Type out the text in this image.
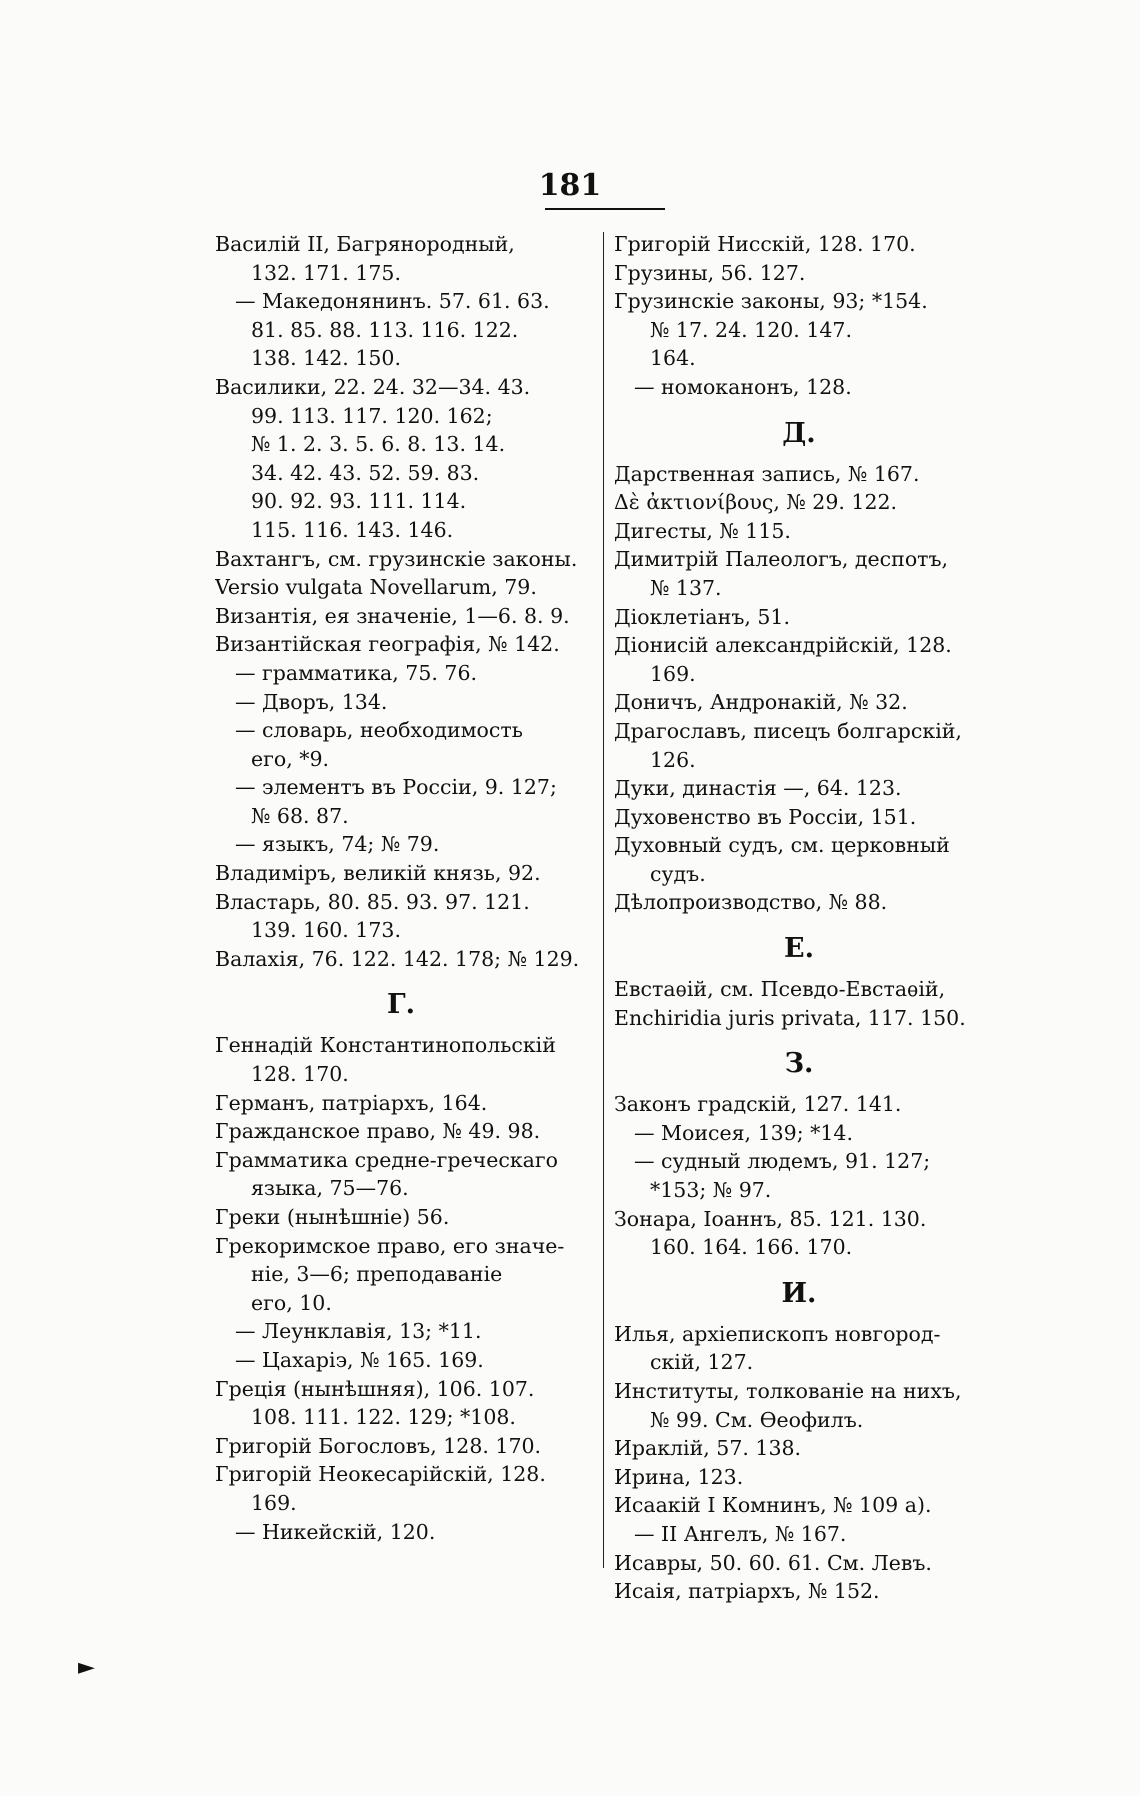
181
Василій II, Багрянородный,
132. 171. 175.
— Македонянинъ. 57. 61. 63.
81. 85. 88. 113. 116. 122.
138. 142. 150.
Василики, 22. 24. 32—34. 43.
99. 113. 117. 120. 162;
№ 1. 2. 3. 5. 6. 8. 13. 14.
34. 42. 43. 52. 59. 83.
90. 92. 93. 111. 114.
115. 116. 143. 146.
Вахтангъ, см. грузинскіе законы.
Versio vulgata Novellarum, 79.
Византія, ея значеніе, 1—6. 8. 9.
Византійская географія, № 142.
— грамматика, 75. 76.
— Дворъ, 134.
— словарь, необходимость
его, *9.
— элементъ въ Россіи, 9. 127;
№ 68. 87.
— языкъ, 74; № 79.
Владиміръ, великій князь, 92.
Властарь, 80. 85. 93. 97. 121.
139. 160. 173.
Валахія, 76. 122. 142. 178; № 129.
Г.
Геннадій Константинопольскій
128. 170.
Германъ, патріархъ, 164.
Гражданское право, № 49. 98.
Грамматика средне-греческаго
языка, 75—76.
Греки (нынѣшніе) 56.
Грекоримское право, его значе-
ніе, 3—6; преподаваніе
его, 10.
— Леунклавія, 13; *11.
— Цахаріэ, № 165. 169.
Греція (нынѣшняя), 106. 107.
108. 111. 122. 129; *108.
Григорій Богословъ, 128. 170.
Григорій Неокесарійскій, 128.
169.
— Никейскій, 120.
Григорій Нисскій, 128. 170.
Грузины, 56. 127.
Грузинскіе законы, 93; *154.
№ 17. 24. 120. 147.
164.
— номоканонъ, 128.
Д.
Дарственная запись, № 167.
Δὲ ἀκτιονίβους, № 29. 122.
Дигесты, № 115.
Димитрій Палеологъ, деспотъ,
№ 137.
Діоклетіанъ, 51.
Діонисій александрійскій, 128.
169.
Доничъ, Андронакій, № 32.
Драгославъ, писецъ болгарскій,
126.
Дуки, династія —, 64. 123.
Духовенство въ Россіи, 151.
Духовный судъ, см. церковный
судъ.
Дѣлопроизводство, № 88.
Е.
Евстаѳій, см. Псевдо-Евстаѳій,
Enchiridia juris privata, 117. 150.
З.
Законъ градскій, 127. 141.
— Моисея, 139; *14.
— судный людемъ, 91. 127;
*153; № 97.
Зонара, Іоаннъ, 85. 121. 130.
160. 164. 166. 170.
И.
Илья, архіепископъ новгород-
скій, 127.
Институты, толкованіе на нихъ,
№ 99. См. Ѳеофилъ.
Ираклій, 57. 138.
Ирина, 123.
Исаакій I Комнинъ, № 109 а).
— II Ангелъ, № 167.
Исавры, 50. 60. 61. См. Левъ.
Исаія, патріархъ, № 152.
►
